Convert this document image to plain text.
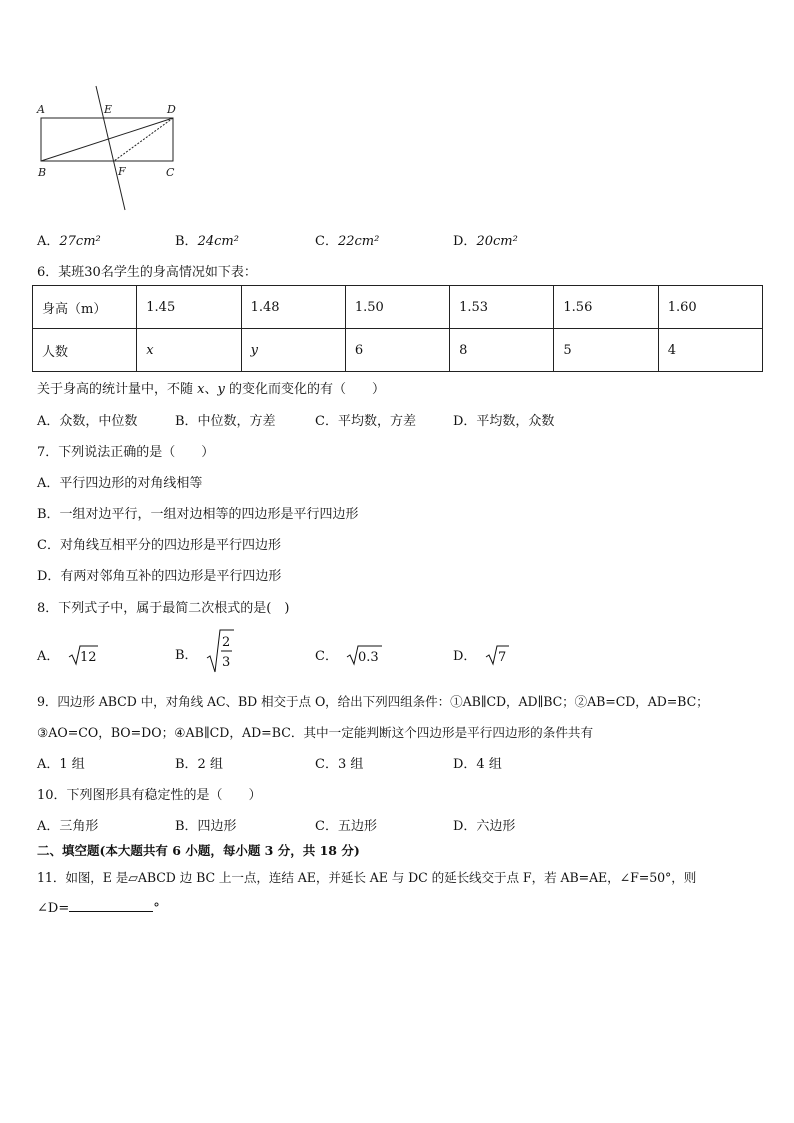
A	E	D
B	F	C
A．27cm²	B．24cm²	C．22cm²	D．20cm²
6．某班30名学生的身高情况如下表：
身高（m）	1.45	1.48	1.50	1.53	1.56	1.60
人数	x	y	6	8	5	4
关于身高的统计量中，不随 x、y 的变化而变化的有（　　）
A．众数，中位数	B．中位数，方差	C．平均数，方差	D．平均数，众数
7．下列说法正确的是（　　）
A．平行四边形的对角线相等
B．一组对边平行，一组对边相等的四边形是平行四边形
C．对角线互相平分的四边形是平行四边形
D．有两对邻角互补的四边形是平行四边形
8．下列式子中，属于最简二次根式的是(　)
A． 12	B．
2
3	C． 0.3	D． 7
9．四边形 ABCD 中，对角线 AC、BD 相交于点 O，给出下列四组条件：①AB∥CD，AD∥BC；②AB=CD，AD=BC；
③AO=CO，BO=DO；④AB∥CD，AD=BC．其中一定能判断这个四边形是平行四边形的条件共有
A．1 组	B．2 组	C．3 组	D．4 组
10．下列图形具有稳定性的是（　　）
A．三角形	B．四边形	C．五边形	D．六边形
二、填空题(本大题共有 6 小题，每小题 3 分，共 18 分)
11．如图，E 是▱ABCD 边 BC 上一点，连结 AE，并延长 AE 与 DC 的延长线交于点 F，若 AB=AE，∠F=50°，则
∠D=	°
